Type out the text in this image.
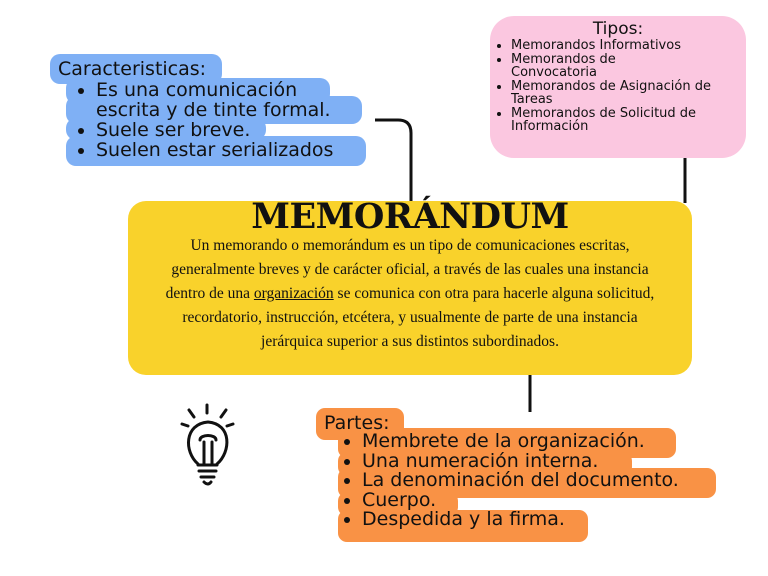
Caracteristicas:
• Es una comunicación escrita y de tinte formal.
• Suele ser breve.
• Suelen estar serializados
Tipos:
• Memorandos Informativos
• Memorandos de Convocatoria
• Memorandos de Asignación de Tareas
• Memorandos de Solicitud de Información
MEMORÁNDUM
Un memorando o memorándum es un tipo de comunicaciones escritas, generalmente breves y de carácter oficial, a través de las cuales una instancia dentro de una organización se comunica con otra para hacerle alguna solicitud, recordatorio, instrucción, etcétera, y usualmente de parte de una instancia jerárquica superior a sus distintos subordinados.
Partes:
• Membrete de la organización.
• Una numeración interna.
• La denominación del documento.
• Cuerpo.
• Despedida y la firma.
